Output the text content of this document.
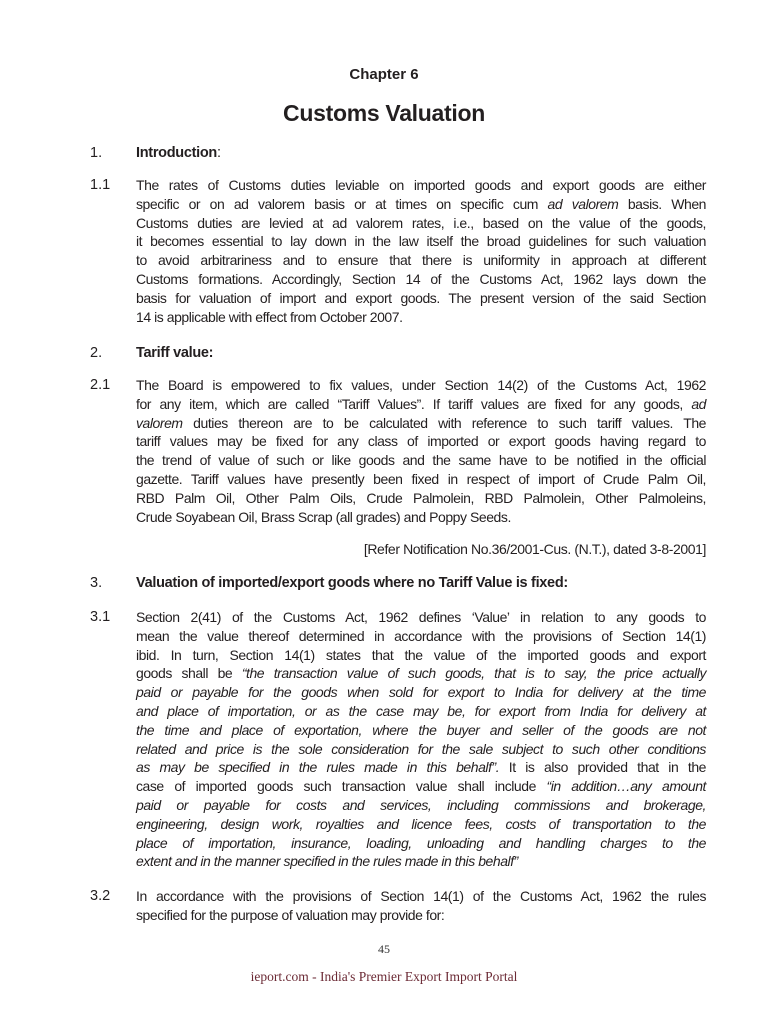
Chapter 6
Customs Valuation
1. Introduction:
1.1 The rates of Customs duties leviable on imported goods and export goods are either
specific or on ad valorem basis or at times on specific cum ad valorem basis. When
Customs duties are levied at ad valorem rates, i.e., based on the value of the goods,
it becomes essential to lay down in the law itself the broad guidelines for such valuation
to avoid arbitrariness and to ensure that there is uniformity in approach at different
Customs formations. Accordingly, Section 14 of the Customs Act, 1962 lays down the
basis for valuation of import and export goods. The present version of the said Section
14 is applicable with effect from October 2007.
2. Tariff value:
2.1 The Board is empowered to fix values, under Section 14(2) of the Customs Act, 1962
for any item, which are called “Tariff Values”. If tariff values are fixed for any goods, ad
valorem duties thereon are to be calculated with reference to such tariff values. The
tariff values may be fixed for any class of imported or export goods having regard to
the trend of value of such or like goods and the same have to be notified in the official
gazette. Tariff values have presently been fixed in respect of import of Crude Palm Oil,
RBD Palm Oil, Other Palm Oils, Crude Palmolein, RBD Palmolein, Other Palmoleins,
Crude Soyabean Oil, Brass Scrap (all grades) and Poppy Seeds.
[Refer Notification No.36/2001-Cus. (N.T.), dated 3-8-2001]
3. Valuation of imported/export goods where no Tariff Value is fixed:
3.1 Section 2(41) of the Customs Act, 1962 defines ‘Value’ in relation to any goods to
mean the value thereof determined in accordance with the provisions of Section 14(1)
ibid. In turn, Section 14(1) states that the value of the imported goods and export
goods shall be “the transaction value of such goods, that is to say, the price actually
paid or payable for the goods when sold for export to India for delivery at the time
and place of importation, or as the case may be, for export from India for delivery at
the time and place of exportation, where the buyer and seller of the goods are not
related and price is the sole consideration for the sale subject to such other conditions
as may be specified in the rules made in this behalf”. It is also provided that in the
case of imported goods such transaction value shall include “in addition…any amount
paid or payable for costs and services, including commissions and brokerage,
engineering, design work, royalties and licence fees, costs of transportation to the
place of importation, insurance, loading, unloading and handling charges to the
extent and in the manner specified in the rules made in this behalf”
3.2 In accordance with the provisions of Section 14(1) of the Customs Act, 1962 the rules
specified for the purpose of valuation may provide for:
45
ieport.com - India's Premier Export Import Portal
